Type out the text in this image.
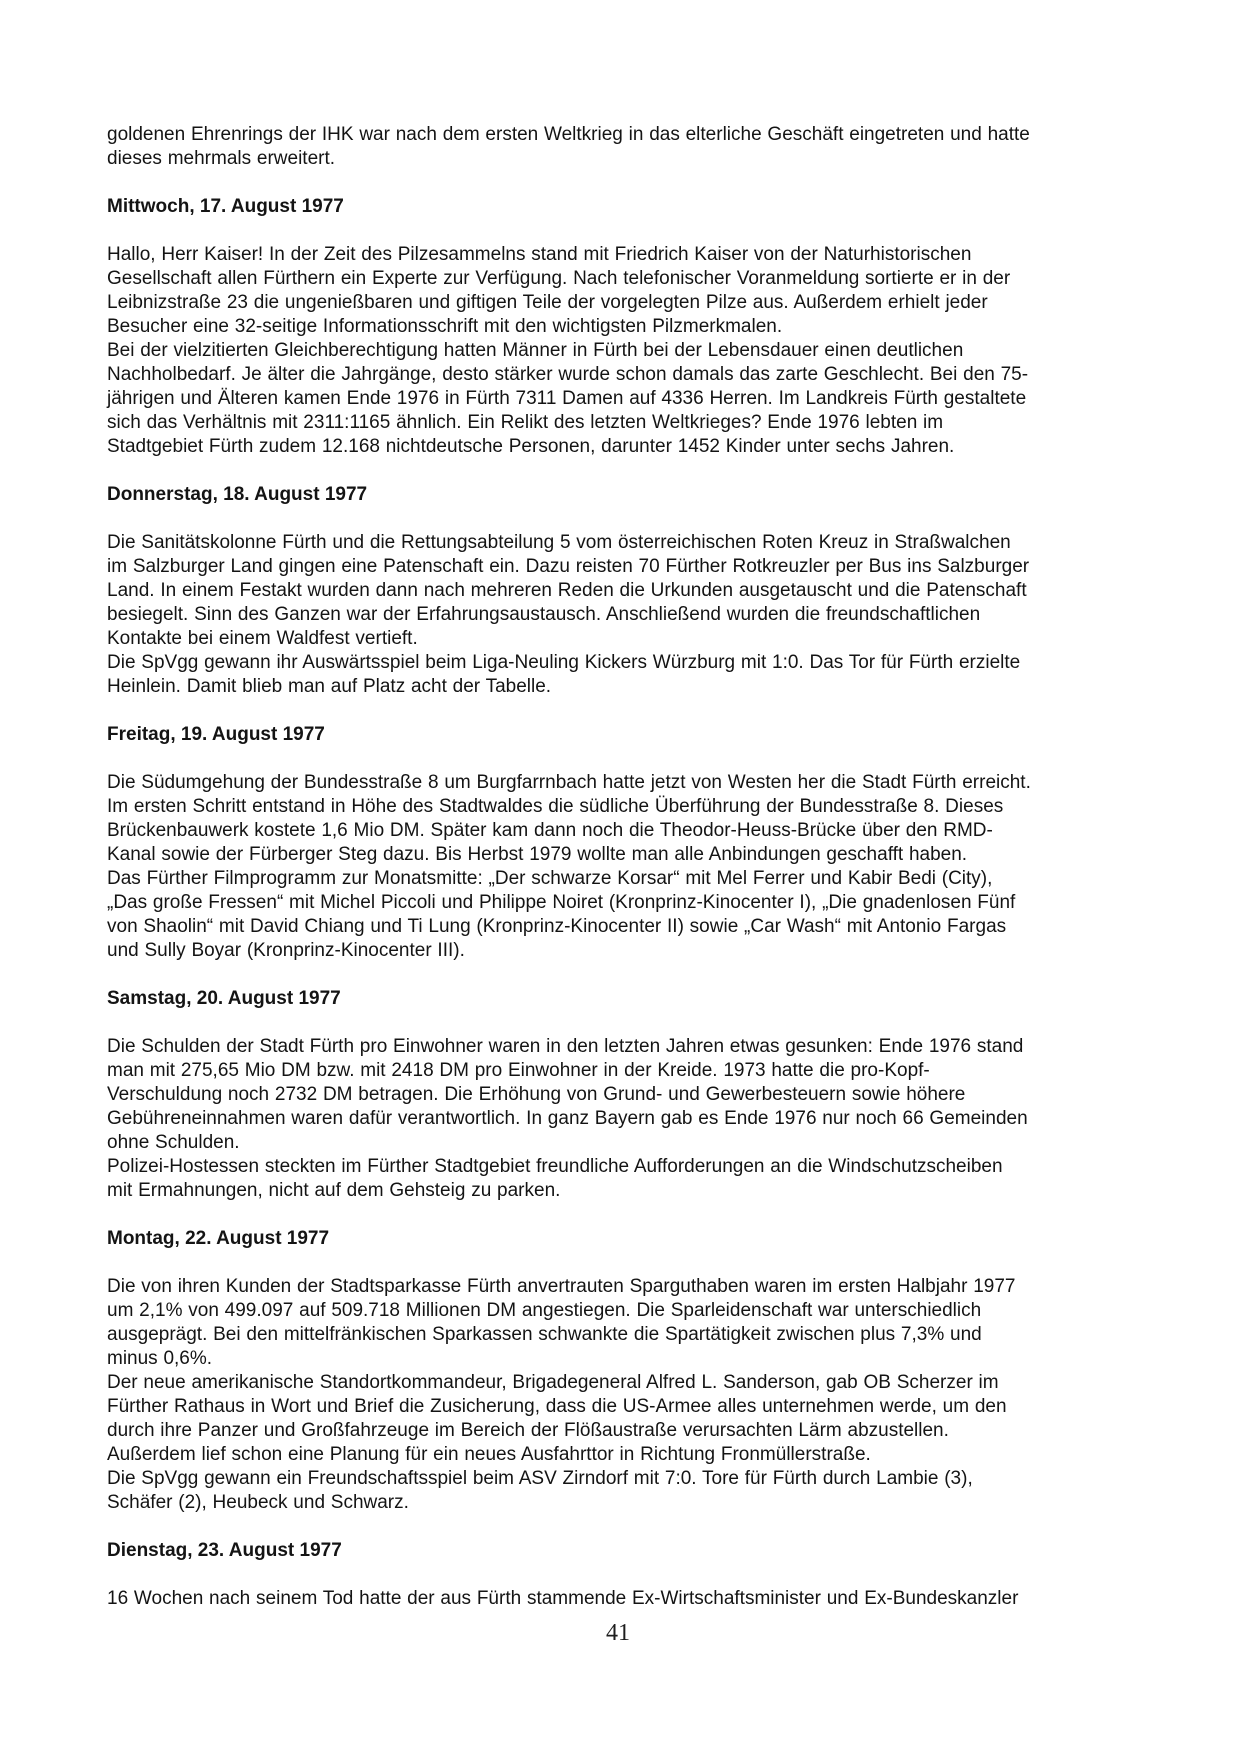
goldenen Ehrenrings der IHK war nach dem ersten Weltkrieg in das elterliche Geschäft eingetreten und hatte
dieses mehrmals erweitert.

Mittwoch, 17. August 1977

Hallo, Herr Kaiser! In der Zeit des Pilzesammelns stand mit Friedrich Kaiser von der Naturhistorischen
Gesellschaft allen Fürthern ein Experte zur Verfügung. Nach telefonischer Voranmeldung sortierte er in der
Leibnizstraße 23 die ungenießbaren und giftigen Teile der vorgelegten Pilze aus. Außerdem erhielt jeder
Besucher eine 32-seitige Informationsschrift mit den wichtigsten Pilzmerkmalen.
Bei der vielzitierten Gleichberechtigung hatten Männer in Fürth bei der Lebensdauer einen deutlichen
Nachholbedarf. Je älter die Jahrgänge, desto stärker wurde schon damals das zarte Geschlecht. Bei den 75-
jährigen und Älteren kamen Ende 1976 in Fürth 7311 Damen auf 4336 Herren. Im Landkreis Fürth gestaltete
sich das Verhältnis mit 2311:1165 ähnlich. Ein Relikt des letzten Weltkrieges? Ende 1976 lebten im
Stadtgebiet Fürth zudem 12.168 nichtdeutsche Personen, darunter 1452 Kinder unter sechs Jahren.

Donnerstag, 18. August 1977

Die Sanitätskolonne Fürth und die Rettungsabteilung 5 vom österreichischen Roten Kreuz in Straßwalchen
im Salzburger Land gingen eine Patenschaft ein. Dazu reisten 70 Fürther Rotkreuzler per Bus ins Salzburger
Land. In einem Festakt wurden dann nach mehreren Reden die Urkunden ausgetauscht und die Patenschaft
besiegelt. Sinn des Ganzen war der Erfahrungsaustausch. Anschließend wurden die freundschaftlichen
Kontakte bei einem Waldfest vertieft.
Die SpVgg gewann ihr Auswärtsspiel beim Liga-Neuling Kickers Würzburg mit 1:0. Das Tor für Fürth erzielte
Heinlein. Damit blieb man auf Platz acht der Tabelle.

Freitag, 19. August 1977

Die Südumgehung der Bundesstraße 8 um Burgfarrnbach hatte jetzt von Westen her die Stadt Fürth erreicht.
Im ersten Schritt entstand in Höhe des Stadtwaldes die südliche Überführung der Bundesstraße 8. Dieses
Brückenbauwerk kostete 1,6 Mio DM. Später kam dann noch die Theodor-Heuss-Brücke über den RMD-
Kanal sowie der Fürberger Steg dazu. Bis Herbst 1979 wollte man alle Anbindungen geschafft haben.
Das Fürther Filmprogramm zur Monatsmitte: „Der schwarze Korsar“ mit Mel Ferrer und Kabir Bedi (City),
„Das große Fressen“ mit Michel Piccoli und Philippe Noiret (Kronprinz-Kinocenter I), „Die gnadenlosen Fünf
von Shaolin“ mit David Chiang und Ti Lung (Kronprinz-Kinocenter II) sowie „Car Wash“ mit Antonio Fargas
und Sully Boyar (Kronprinz-Kinocenter III).

Samstag, 20. August 1977

Die Schulden der Stadt Fürth pro Einwohner waren in den letzten Jahren etwas gesunken: Ende 1976 stand
man mit 275,65 Mio DM bzw. mit 2418 DM pro Einwohner in der Kreide. 1973 hatte die pro-Kopf-
Verschuldung noch 2732 DM betragen. Die Erhöhung von Grund- und Gewerbesteuern sowie höhere
Gebühreneinnahmen waren dafür verantwortlich. In ganz Bayern gab es Ende 1976 nur noch 66 Gemeinden
ohne Schulden.
Polizei-Hostessen steckten im Fürther Stadtgebiet freundliche Aufforderungen an die Windschutzscheiben
mit Ermahnungen, nicht auf dem Gehsteig zu parken.

Montag, 22. August 1977

Die von ihren Kunden der Stadtsparkasse Fürth anvertrauten Sparguthaben waren im ersten Halbjahr 1977
um 2,1% von 499.097 auf 509.718 Millionen DM angestiegen. Die Sparleidenschaft war unterschiedlich
ausgeprägt. Bei den mittelfränkischen Sparkassen schwankte die Spartätigkeit zwischen plus 7,3% und
minus 0,6%.
Der neue amerikanische Standortkommandeur, Brigadegeneral Alfred L. Sanderson, gab OB Scherzer im
Fürther Rathaus in Wort und Brief die Zusicherung, dass die US-Armee alles unternehmen werde, um den
durch ihre Panzer und Großfahrzeuge im Bereich der Flößaustraße verursachten Lärm abzustellen.
Außerdem lief schon eine Planung für ein neues Ausfahrttor in Richtung Fronmüllerstraße.
Die SpVgg gewann ein Freundschaftsspiel beim ASV Zirndorf mit 7:0. Tore für Fürth durch Lambie (3),
Schäfer (2), Heubeck und Schwarz.

Dienstag, 23. August 1977

16 Wochen nach seinem Tod hatte der aus Fürth stammende Ex-Wirtschaftsminister und Ex-Bundeskanzler

41
